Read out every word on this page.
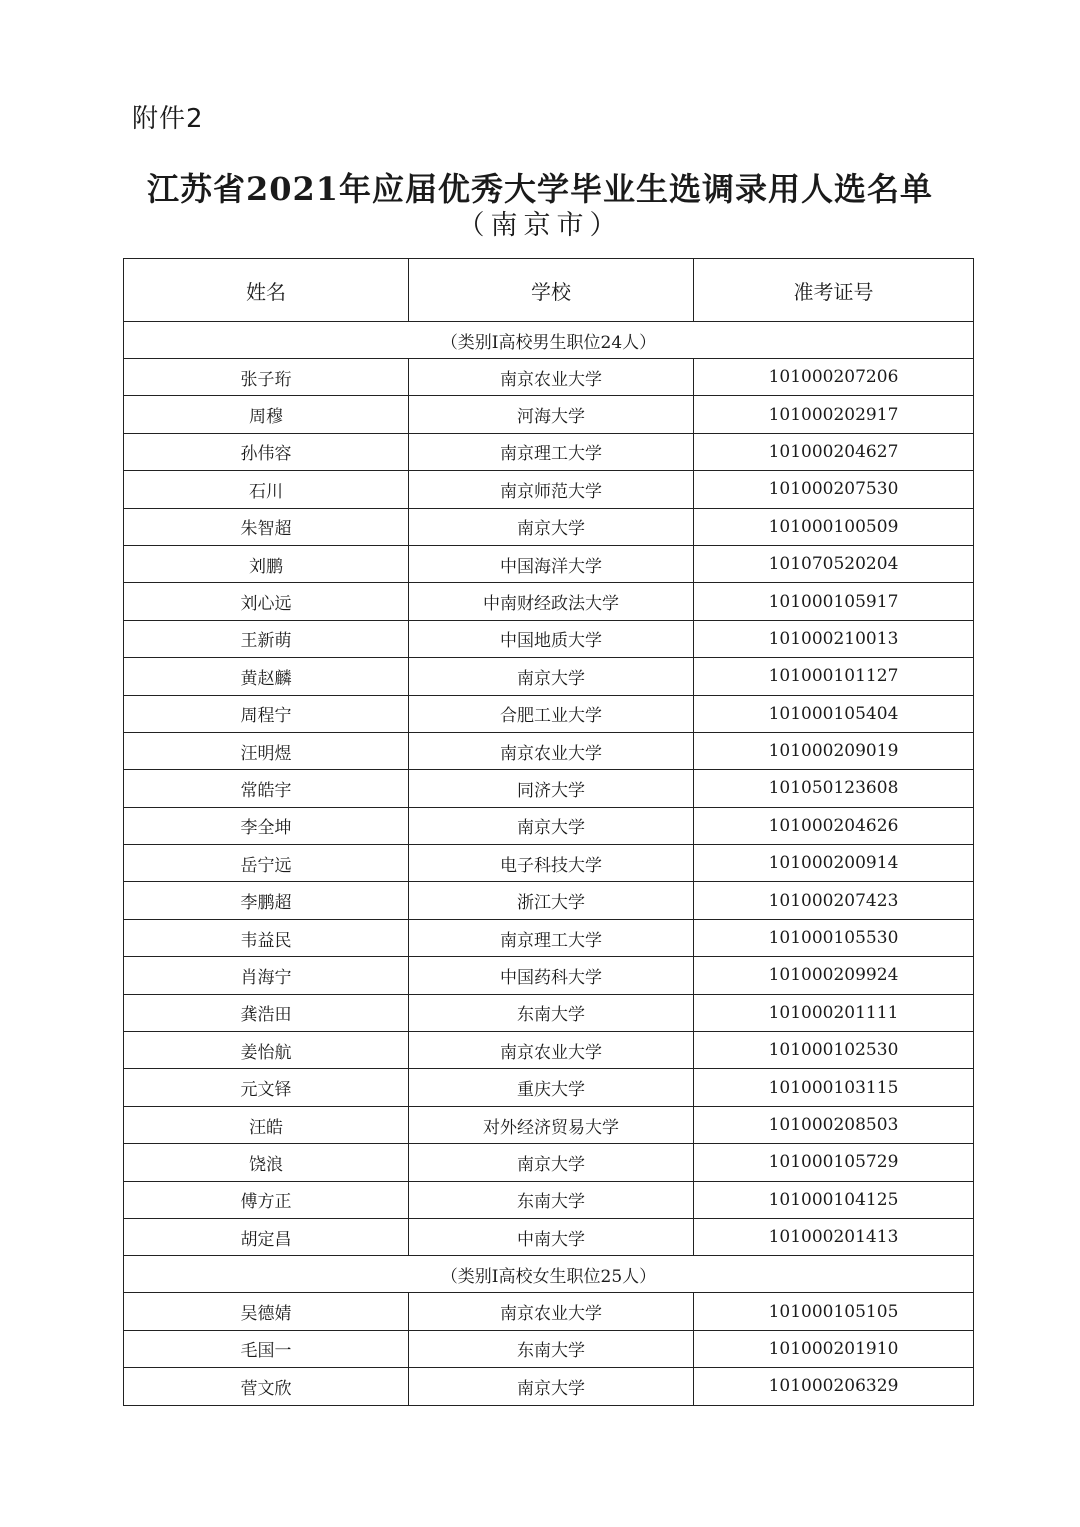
附件2
江苏省2021年应届优秀大学毕业生选调录用人选名单
（南京市）
姓名	学校	准考证号
（类别I高校男生职位24人）		
张子珩	南京农业大学	101000207206
周穆	河海大学	101000202917
孙伟容	南京理工大学	101000204627
石川	南京师范大学	101000207530
朱智超	南京大学	101000100509
刘鹏	中国海洋大学	101070520204
刘心远	中南财经政法大学	101000105917
王新萌	中国地质大学	101000210013
黄赵麟	南京大学	101000101127
周程宁	合肥工业大学	101000105404
汪明煜	南京农业大学	101000209019
常皓宇	同济大学	101050123608
李全坤	南京大学	101000204626
岳宁远	电子科技大学	101000200914
李鹏超	浙江大学	101000207423
韦益民	南京理工大学	101000105530
肖海宁	中国药科大学	101000209924
龚浩田	东南大学	101000201111
姜怡航	南京农业大学	101000102530
元文铎	重庆大学	101000103115
汪皓	对外经济贸易大学	101000208503
饶浪	南京大学	101000105729
傅方正	东南大学	101000104125
胡定昌	中南大学	101000201413
（类别I高校女生职位25人）		
吴德婧	南京农业大学	101000105105
毛国一	东南大学	101000201910
菅文欣	南京大学	101000206329
